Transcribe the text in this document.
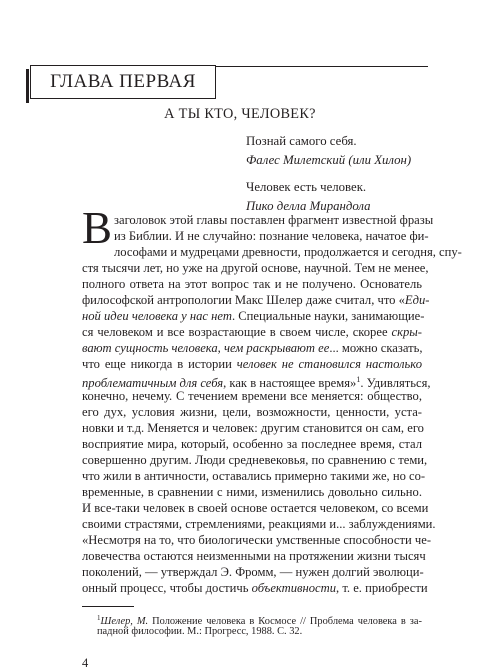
ГЛАВА ПЕРВАЯ
А ТЫ КТО, ЧЕЛОВЕК?
Познай самого себя.
Фалес Милетский (или Хилон)
Человек есть человек.
Пико делла Мирандола
В заголовок этой главы поставлен фрагмент известной фразы
из Библии. И не случайно: познание человека, начатое фи-
лософами и мудрецами древности, продолжается и сегодня, спу-
стя тысячи лет, но уже на другой основе, научной. Тем не менее,
полного ответа на этот вопрос так и не получено. Основатель
философской антропологии Макс Шелер даже считал, что «Еди-
ной идеи человека у нас нет. Специальные науки, занимающие-
ся человеком и все возрастающие в своем числе, скорее скры-
вают сущность человека, чем раскрывают ее... можно сказать,
что еще никогда в истории человек не становился настолько
проблематичным для себя, как в настоящее время»$^1$. Удивляться,
конечно, нечему. С течением времени все меняется: общество,
его дух, условия жизни, цели, возможности, ценности, уста-
новки и т.д. Меняется и человек: другим становится он сам, его
восприятие мира, который, особенно за последнее время, стал
совершенно другим. Люди средневековья, по сравнению с теми,
что жили в античности, оставались примерно такими же, но со-
временные, в сравнении с ними, изменились довольно сильно.
И все-таки человек в своей основе остается человеком, со всеми
своими страстями, стремлениями, реакциями и... заблуждениями.
«Несмотря на то, что биологически умственные способности че-
ловечества остаются неизменными на протяжении жизни тысяч
поколений, — утверждал Э. Фромм, — нужен долгий эволюци-
онный процесс, чтобы достичь объективности, т. е. приобрести
$^1$Шелер, М. Положение человека в Космосе // Проблема человека в за-
падной философии. М.: Прогресс, 1988. С. 32.
4
